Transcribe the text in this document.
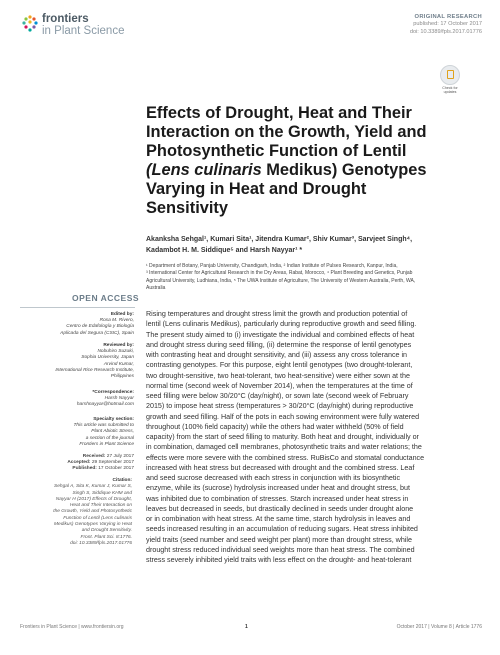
frontiers
in Plant Science
ORIGINAL RESEARCH
published: 17 October 2017
doi: 10.3389/fpls.2017.01776
Check for updates
Effects of Drought, Heat and Their
Interaction on the Growth, Yield and
Photosynthetic Function of Lentil
(Lens culinaris Medikus) Genotypes
Varying in Heat and Drought
Sensitivity
Akanksha Sehgal¹, Kumari Sita¹, Jitendra Kumar², Shiv Kumar³, Sarvjeet Singh⁴,
Kadambot H. M. Siddique⁵ and Harsh Nayyar¹ *
¹ Department of Botany, Panjab University, Chandigarh, India, ² Indian Institute of Pulses Research, Kanpur, India,
³ International Center for Agricultural Research in the Dry Areas, Rabat, Morocco, ⁴ Plant Breeding and Genetics, Punjab
Agricultural University, Ludhiana, India, ⁵ The UWA Institute of Agriculture, The University of Western Australia, Perth, WA,
Australia
OPEN ACCESS
Edited by:
Rosa M. Rivero,
Centro de Edafología y Biología
Aplicada del Segura (CSIC), Spain
Reviewed by:
Nobuhiro Suzuki,
Sophia University, Japan
Arvind Kumar,
International Rice Research Institute,
Philippines
*Correspondence:
Harsh Nayyar
harshnayyar@hotmail.com
Specialty section:
This article was submitted to
Plant Abiotic Stress,
a section of the journal
Frontiers in Plant Science
Received: 27 July 2017
Accepted: 29 September 2017
Published: 17 October 2017
Citation:
Sehgal A, Sita K, Kumar J, Kumar S,
Singh S, Siddique KHM and
Nayyar H (2017) Effects of Drought,
Heat and Their Interaction on
the Growth, Yield and Photosynthetic
Function of Lentil (Lens culinaris
Medikus) Genotypes Varying in Heat
and Drought Sensitivity.
Front. Plant Sci. 8:1776.
doi: 10.3389/fpls.2017.01776
Rising temperatures and drought stress limit the growth and production potential of
lentil (Lens culinaris Medikus), particularly during reproductive growth and seed filling.
The present study aimed to (i) investigate the individual and combined effects of heat
and drought stress during seed filling, (ii) determine the response of lentil genotypes
with contrasting heat and drought sensitivity, and (iii) assess any cross tolerance in
contrasting genotypes. For this purpose, eight lentil genotypes (two drought-tolerant,
two drought-sensitive, two heat-tolerant, two heat-sensitive) were either sown at the
normal time (second week of November 2014), when the temperatures at the time of
seed filling were below 30/20°C (day/night), or sown late (second week of February
2015) to impose heat stress (temperatures > 30/20°C (day/night) during reproductive
growth and seed filling. Half of the pots in each sowing environment were fully watered
throughout (100% field capacity) while the others had water withheld (50% of field
capacity) from the start of seed filling to maturity. Both heat and drought, individually or
in combination, damaged cell membranes, photosynthetic traits and water relations; the
effects were more severe with the combined stress. RuBisCo and stomatal conductance
increased with heat stress but decreased with drought and the combined stress. Leaf
and seed sucrose decreased with each stress in conjunction with its biosynthetic
enzyme, while its (sucrose) hydrolysis increased under heat and drought stress, but
was inhibited due to combination of stresses. Starch increased under heat stress in
leaves but decreased in seeds, but drastically declined in seeds under drought alone
or in combination with heat stress. At the same time, starch hydrolysis in leaves and
seeds increased resulting in an accumulation of reducing sugars. Heat stress inhibited
yield traits (seed number and seed weight per plant) more than drought stress, while
drought stress reduced individual seed weights more than heat stress. The combined
stress severely inhibited yield traits with less effect on the drought- and heat-tolerant
Frontiers in Plant Science | www.frontiersin.org	1	October 2017 | Volume 8 | Article 1776
